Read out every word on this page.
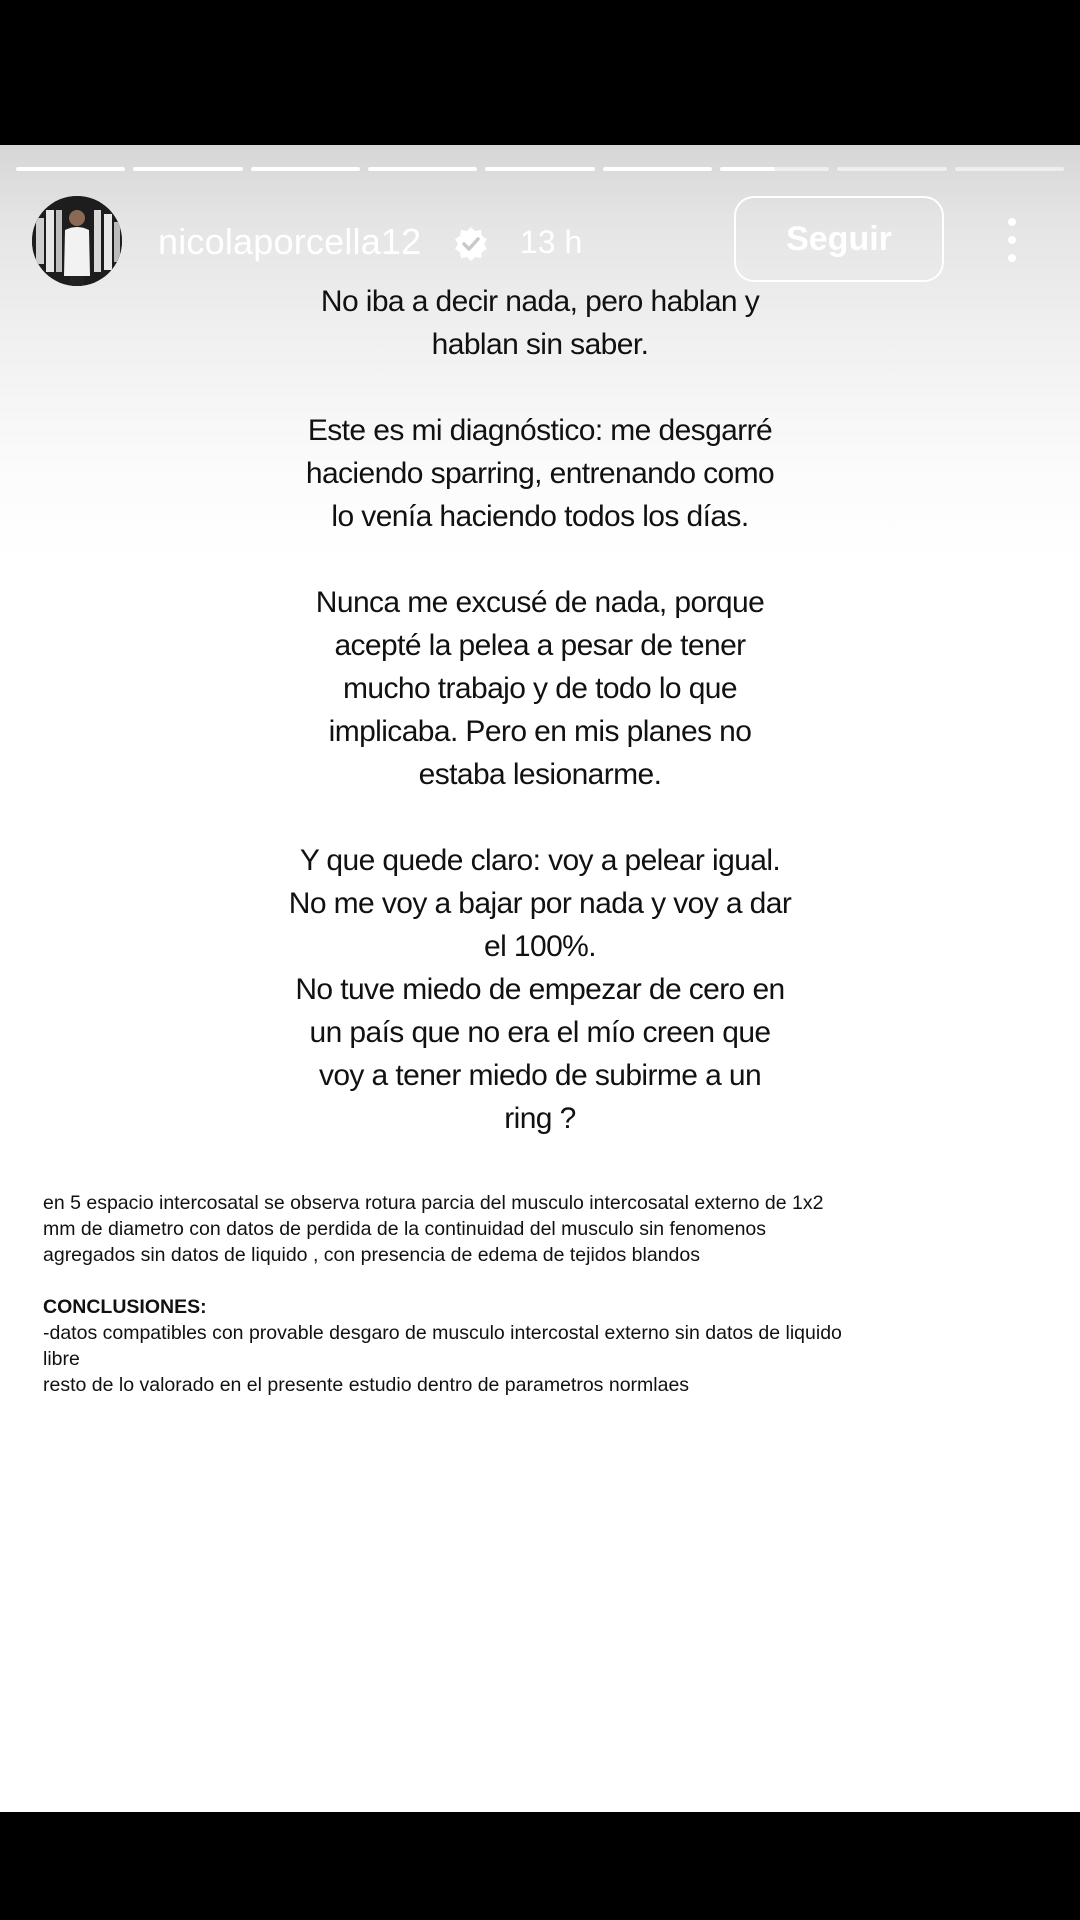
nicolaporcella12	13 h	Seguir

No iba a decir nada, pero hablan y
hablan sin saber.

Este es mi diagnóstico: me desgarré
haciendo sparring, entrenando como
lo venía haciendo todos los días.

Nunca me excusé de nada, porque
acepté la pelea a pesar de tener
mucho trabajo y de todo lo que
implicaba. Pero en mis planes no
estaba lesionarme.

Y que quede claro: voy a pelear igual.
No me voy a bajar por nada y voy a dar
el 100%.
No tuve miedo de empezar de cero en
un país que no era el mío creen que
voy a tener miedo de subirme a un
ring ?

en 5 espacio intercosatal se observa rotura parcia del musculo intercosatal externo de 1x2
mm de diametro con datos de perdida de la continuidad del musculo sin fenomenos
agregados sin datos de liquido , con presencia de edema de tejidos blandos

CONCLUSIONES:

-datos compatibles con provable desgaro de musculo intercostal externo sin datos de liquido
libre
resto de lo valorado en el presente estudio dentro de parametros normlaes
